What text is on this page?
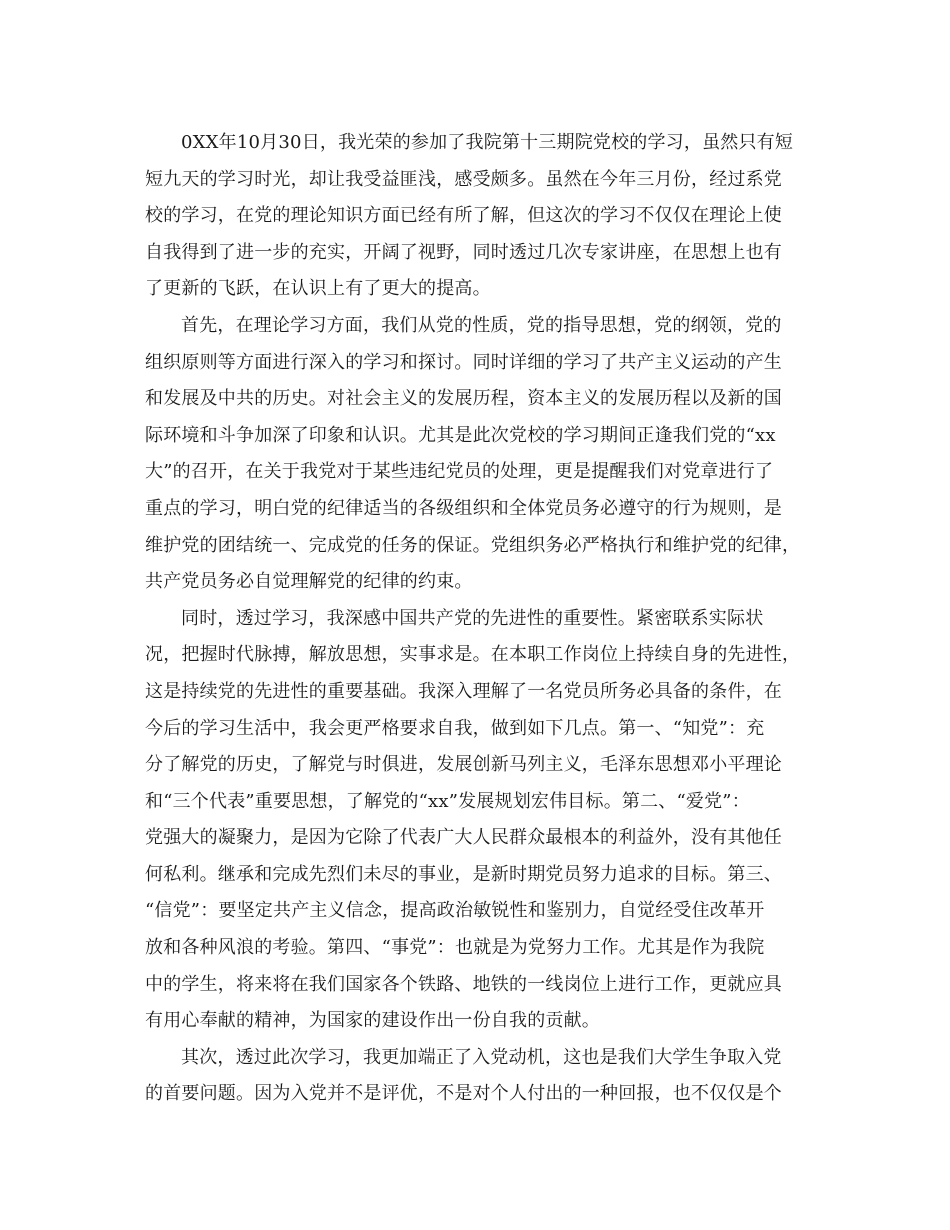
0XX年10月30日，我光荣的参加了我院第十三期院党校的学习，虽然只有短
短九天的学习时光，却让我受益匪浅，感受颇多。虽然在今年三月份，经过系党
校的学习，在党的理论知识方面已经有所了解，但这次的学习不仅仅在理论上使
自我得到了进一步的充实，开阔了视野，同时透过几次专家讲座，在思想上也有
了更新的飞跃，在认识上有了更大的提高。
首先，在理论学习方面，我们从党的性质，党的指导思想，党的纲领，党的
组织原则等方面进行深入的学习和探讨。同时详细的学习了共产主义运动的产生
和发展及中共的历史。对社会主义的发展历程，资本主义的发展历程以及新的国
际环境和斗争加深了印象和认识。尤其是此次党校的学习期间正逢我们党的“xx
大”的召开，在关于我党对于某些违纪党员的处理，更是提醒我们对党章进行了
重点的学习，明白党的纪律适当的各级组织和全体党员务必遵守的行为规则，是
维护党的团结统一、完成党的任务的保证。党组织务必严格执行和维护党的纪律，
共产党员务必自觉理解党的纪律的约束。
同时，透过学习，我深感中国共产党的先进性的重要性。紧密联系实际状
况，把握时代脉搏，解放思想，实事求是。在本职工作岗位上持续自身的先进性，
这是持续党的先进性的重要基础。我深入理解了一名党员所务必具备的条件，在
今后的学习生活中，我会更严格要求自我，做到如下几点。第一、“知党”：充
分了解党的历史，了解党与时俱进，发展创新马列主义，毛泽东思想邓小平理论
和“三个代表”重要思想，了解党的“xx”发展规划宏伟目标。第二、“爱党”：
党强大的凝聚力，是因为它除了代表广大人民群众最根本的利益外，没有其他任
何私利。继承和完成先烈们未尽的事业，是新时期党员努力追求的目标。第三、
“信党”：要坚定共产主义信念，提高政治敏锐性和鉴别力，自觉经受住改革开
放和各种风浪的考验。第四、“事党”：也就是为党努力工作。尤其是作为我院
中的学生，将来将在我们国家各个铁路、地铁的一线岗位上进行工作，更就应具
有用心奉献的精神，为国家的建设作出一份自我的贡献。
其次，透过此次学习，我更加端正了入党动机，这也是我们大学生争取入党
的首要问题。因为入党并不是评优，不是对个人付出的一种回报，也不仅仅是个
